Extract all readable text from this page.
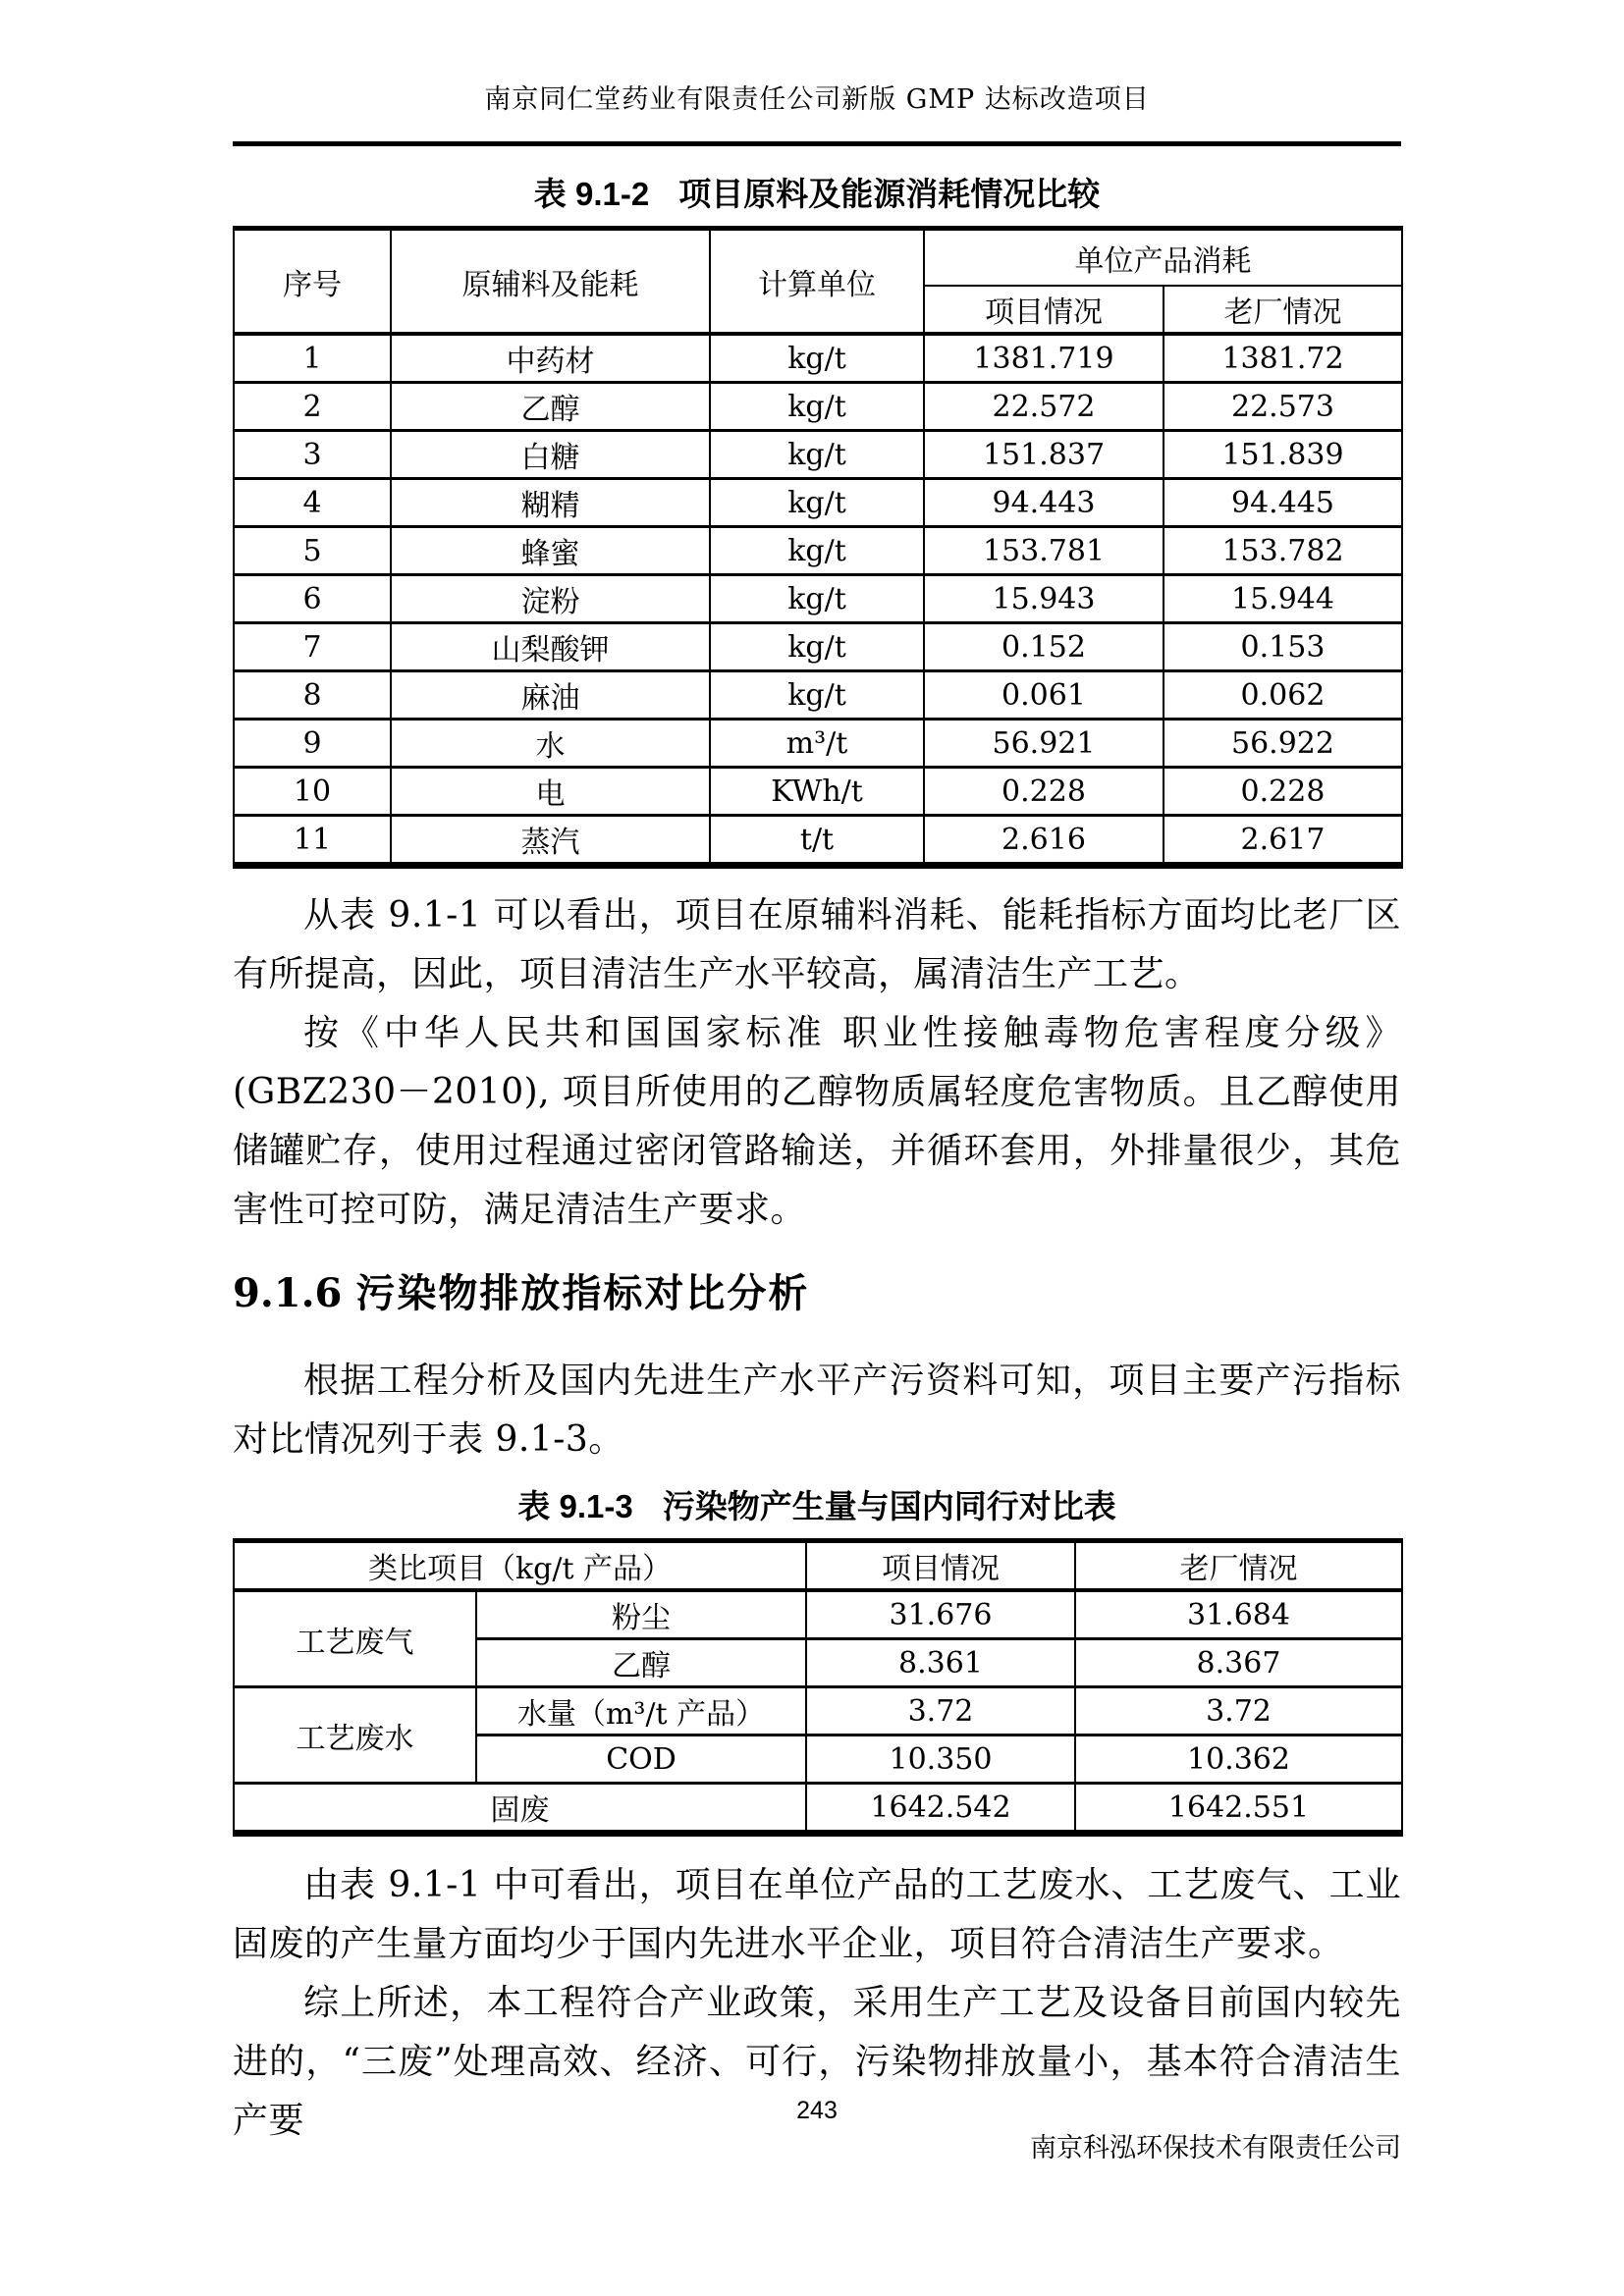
南京同仁堂药业有限责任公司新版 GMP 达标改造项目
表 9.1-2 项目原料及能源消耗情况比较
序号	原辅料及能耗	计算单位	单位产品消耗	
			项目情况	老厂情况
1	中药材	kg/t	1381.719	1381.72
2	乙醇	kg/t	22.572	22.573
3	白糖	kg/t	151.837	151.839
4	糊精	kg/t	94.443	94.445
5	蜂蜜	kg/t	153.781	153.782
6	淀粉	kg/t	15.943	15.944
7	山梨酸钾	kg/t	0.152	0.153
8	麻油	kg/t	0.061	0.062
9	水	m³/t	56.921	56.922
10	电	KWh/t	0.228	0.228
11	蒸汽	t/t	2.616	2.617

从表 9.1-1 可以看出，项目在原辅料消耗、能耗指标方面均比老厂区有所提高，因此，项目清洁生产水平较高，属清洁生产工艺。

按《中华人民共和国国家标准 职业性接触毒物危害程度分级》(GBZ230－2010), 项目所使用的乙醇物质属轻度危害物质。且乙醇使用储罐贮存，使用过程通过密闭管路输送，并循环套用，外排量很少，其危害性可控可防，满足清洁生产要求。

9.1.6 污染物排放指标对比分析

根据工程分析及国内先进生产水平产污资料可知，项目主要产污指标对比情况列于表 9.1-3。

表 9.1-3 污染物产生量与国内同行对比表
类比项目（kg/t 产品）		项目情况	老厂情况
工艺废气	粉尘	31.676	31.684
	乙醇	8.361	8.367
工艺废水	水量（m³/t 产品）	3.72	3.72
	COD	10.350	10.362
固废		1642.542	1642.551

由表 9.1-1 中可看出，项目在单位产品的工艺废水、工艺废气、工业固废的产生量方面均少于国内先进水平企业，项目符合清洁生产要求。

综上所述，本工程符合产业政策，采用生产工艺及设备目前国内较先进的，“三废”处理高效、经济、可行，污染物排放量小，基本符合清洁生产要	243
南京科泓环保技术有限责任公司
